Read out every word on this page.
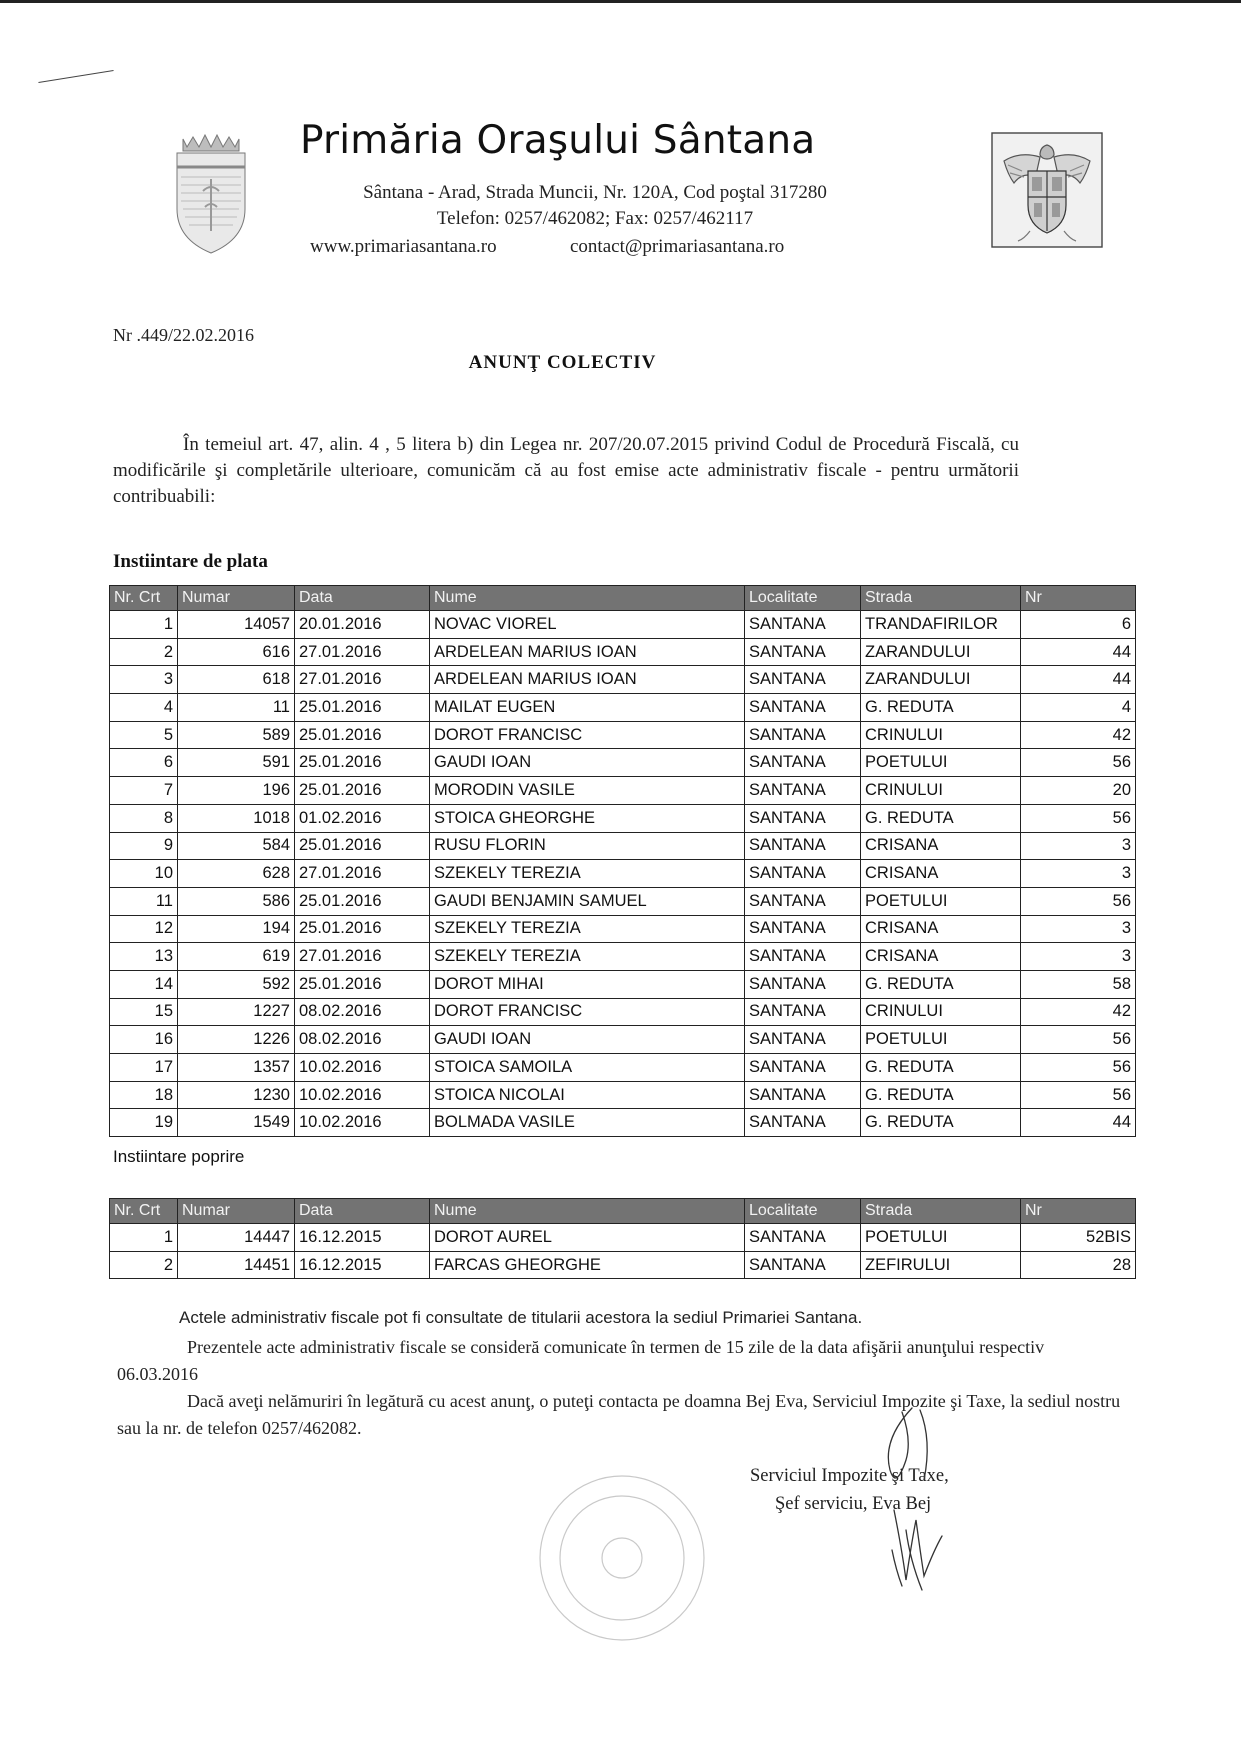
Primăria Oraşului Sântana
Sântana - Arad, Strada Muncii, Nr. 120A, Cod poştal 317280
Telefon: 0257/462082; Fax: 0257/462117
www.primariasantana.ro	contact@primariasantana.ro
Nr .449/22.02.2016
ANUNŢ COLECTIV
În temeiul art. 47, alin. 4 , 5 litera b) din Legea nr. 207/20.07.2015 privind Codul de Procedură Fiscală, cu modificările şi completările ulterioare, comunicăm că au fost emise acte administrativ fiscale - pentru următorii contribuabili:
Instiintare de plata
Nr. Crt	Numar	Data	Nume	Localitate	Strada	Nr
1	14057	20.01.2016	NOVAC VIOREL	SANTANA	TRANDAFIRILOR	6
2	616	27.01.2016	ARDELEAN MARIUS IOAN	SANTANA	ZARANDULUI	44
3	618	27.01.2016	ARDELEAN MARIUS IOAN	SANTANA	ZARANDULUI	44
4	11	25.01.2016	MAILAT EUGEN	SANTANA	G. REDUTA	4
5	589	25.01.2016	DOROT FRANCISC	SANTANA	CRINULUI	42
6	591	25.01.2016	GAUDI IOAN	SANTANA	POETULUI	56
7	196	25.01.2016	MORODIN VASILE	SANTANA	CRINULUI	20
8	1018	01.02.2016	STOICA GHEORGHE	SANTANA	G. REDUTA	56
9	584	25.01.2016	RUSU FLORIN	SANTANA	CRISANA	3
10	628	27.01.2016	SZEKELY TEREZIA	SANTANA	CRISANA	3
11	586	25.01.2016	GAUDI BENJAMIN SAMUEL	SANTANA	POETULUI	56
12	194	25.01.2016	SZEKELY TEREZIA	SANTANA	CRISANA	3
13	619	27.01.2016	SZEKELY TEREZIA	SANTANA	CRISANA	3
14	592	25.01.2016	DOROT MIHAI	SANTANA	G. REDUTA	58
15	1227	08.02.2016	DOROT FRANCISC	SANTANA	CRINULUI	42
16	1226	08.02.2016	GAUDI IOAN	SANTANA	POETULUI	56
17	1357	10.02.2016	STOICA SAMOILA	SANTANA	G. REDUTA	56
18	1230	10.02.2016	STOICA NICOLAI	SANTANA	G. REDUTA	56
19	1549	10.02.2016	BOLMADA VASILE	SANTANA	G. REDUTA	44
Instiintare poprire
Nr. Crt	Numar	Data	Nume	Localitate	Strada	Nr
1	14447	16.12.2015	DOROT AUREL	SANTANA	POETULUI	52BIS
2	14451	16.12.2015	FARCAS GHEORGHE	SANTANA	ZEFIRULUI	28
Actele administrativ fiscale pot fi consultate de titularii acestora la sediul Primariei Santana.
Prezentele acte administrativ fiscale se consideră comunicate în termen de 15 zile de la data afişării anunţului respectiv 06.03.2016
Dacă aveţi nelămuriri în legătură cu acest anunţ, o puteţi contacta pe doamna Bej Eva, Serviciul Impozite şi Taxe, la sediul nostru sau la nr. de telefon 0257/462082.
Serviciul Impozite şi Taxe,
Şef serviciu, Eva Bej
